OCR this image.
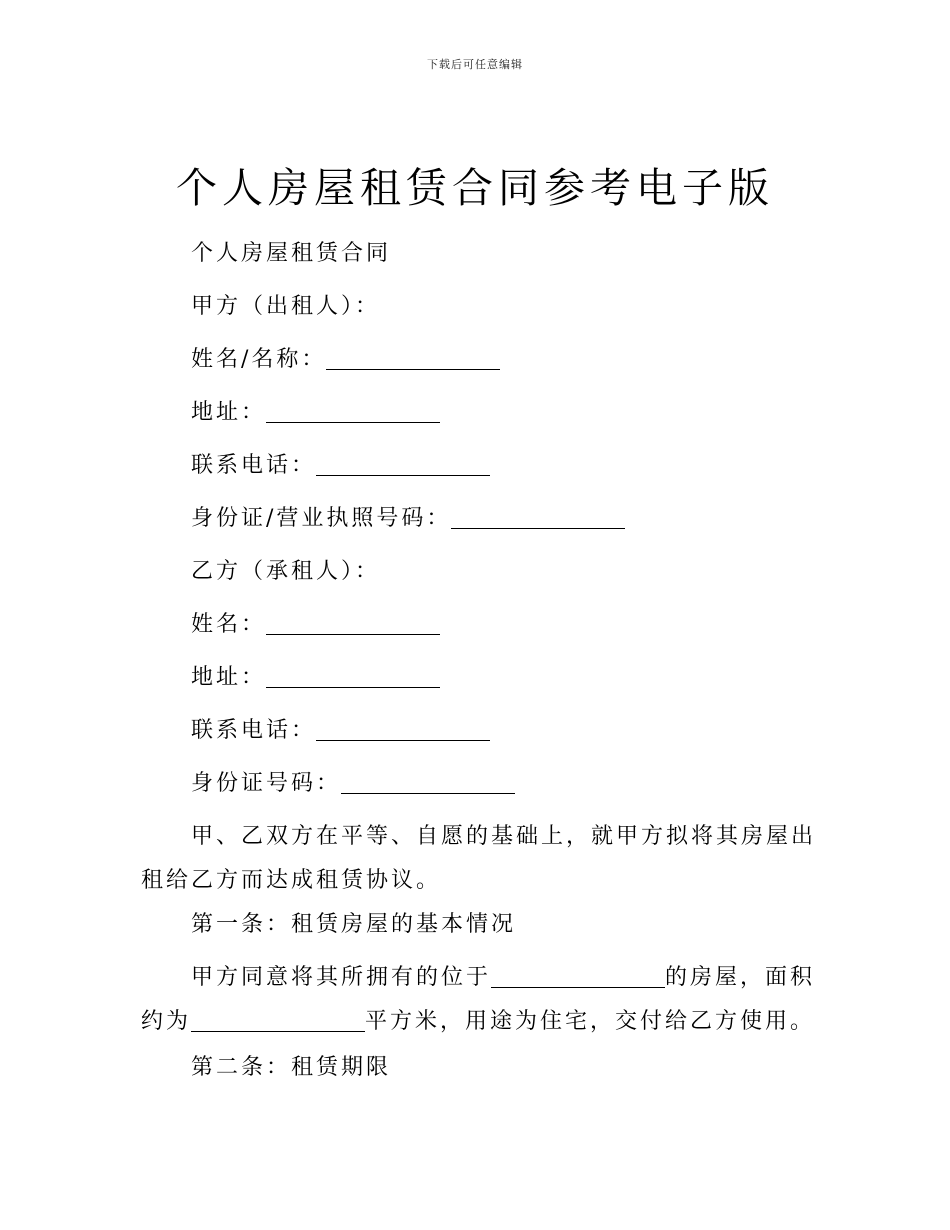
下载后可任意编辑
个人房屋租赁合同参考电子版
个人房屋租赁合同
甲方（出租人）：
姓名/名称：
地址：
联系电话：
身份证/营业执照号码：
乙方（承租人）：
姓名：
地址：
联系电话：
身份证号码：
甲、乙双方在平等、自愿的基础上，就甲方拟将其房屋出租给乙方而达成租赁协议。
第一条：租赁房屋的基本情况
甲方同意将其所拥有的位于	的房屋，面积约为	平方米，用途为住宅，交付给乙方使用。
第二条：租赁期限
